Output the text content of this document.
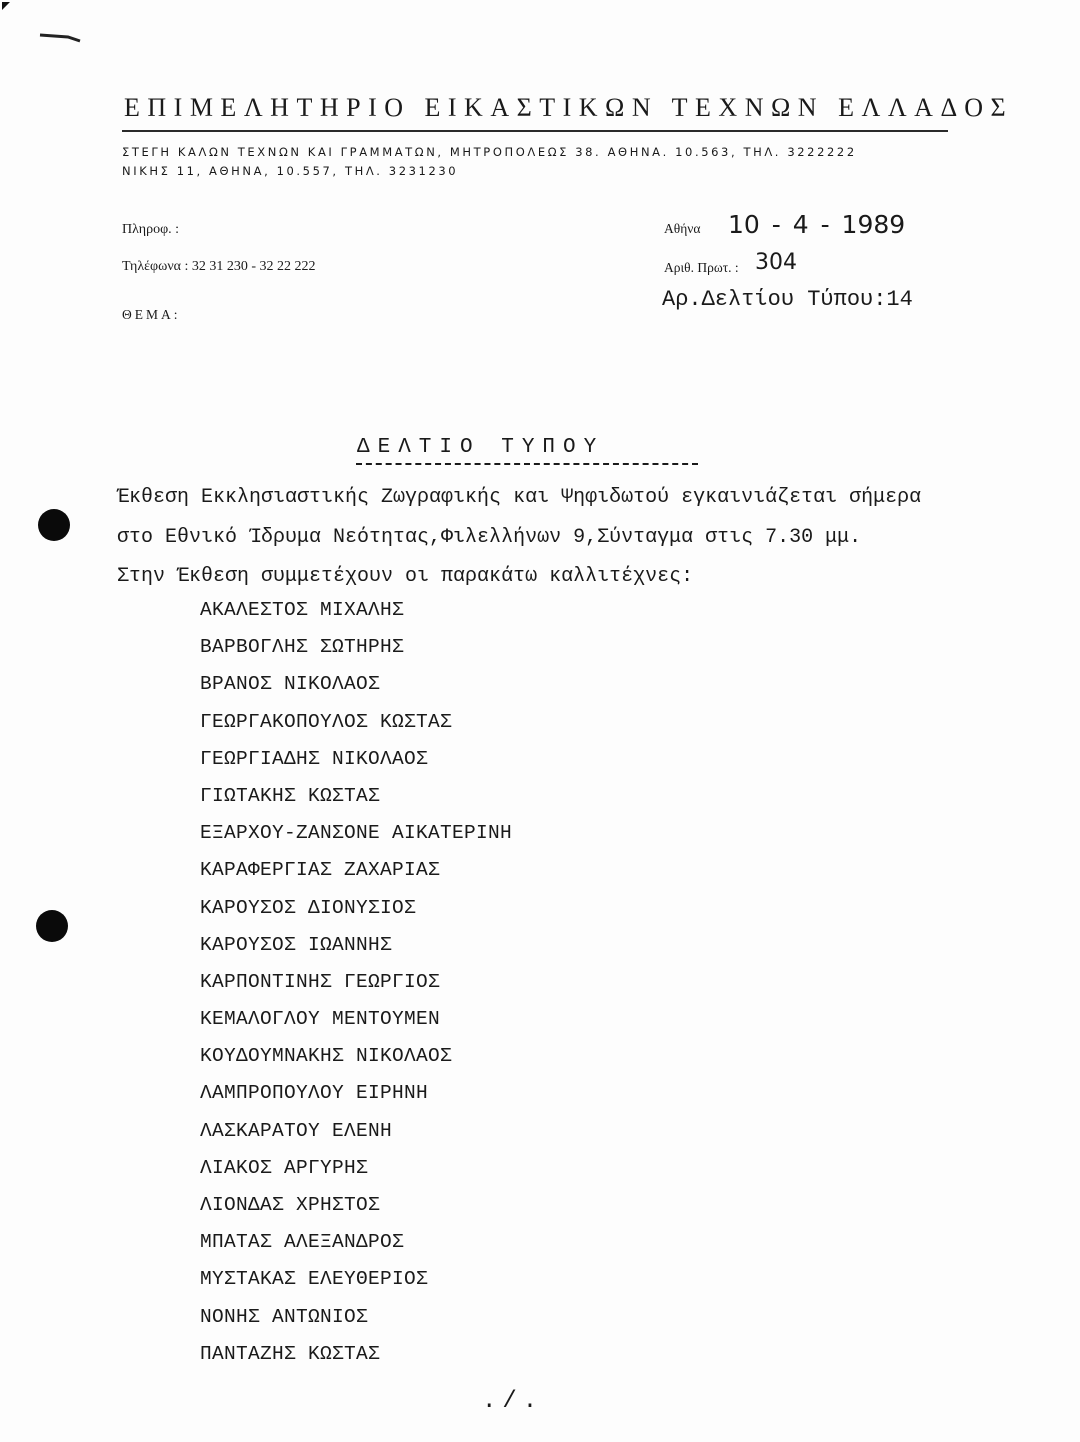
ΕΠΙΜΕΛΗΤΗΡΙΟ ΕΙΚΑΣΤΙΚΩΝ ΤΕΧΝΩΝ ΕΛΛΑΔΟΣ
ΣΤΕΓΗ ΚΑΛΩΝ ΤΕΧΝΩΝ ΚΑΙ ΓΡΑΜΜΑΤΩΝ, ΜΗΤΡΟΠΟΛΕΩΣ 38. ΑΘΗΝΑ. 10.563, ΤΗΛ. 3222222
ΝΙΚΗΣ 11, ΑΘΗΝΑ, 10.557, ΤΗΛ. 3231230
Πληροφ. :
Τηλέφωνα : 32 31 230 - 32 22 222
ΘΕΜΑ:
Αθήνα 10 - 4 - 1989
Αριθ. Πρωτ. : 304
Αρ.Δελτίου Τύπου:14
ΔΕΛΤΙΟ ΤΥΠΟΥ
Έκθεση Εκκλησιαστικής Ζωγραφικής και Ψηφιδωτού εγκαινιάζεται σήμερα
στο Εθνικό Ίδρυμα Νεότητας,Φιλελλήνων 9,Σύνταγμα στις 7.30 μμ.
Στην Έκθεση συμμετέχουν οι παρακάτω καλλιτέχνες:
ΑΚΑΛΕΣΤΟΣ ΜΙΧΑΛΗΣ
ΒΑΡΒΟΓΛΗΣ ΣΩΤΗΡΗΣ
ΒΡΑΝΟΣ ΝΙΚΟΛΑΟΣ
ΓΕΩΡΓΑΚΟΠΟΥΛΟΣ ΚΩΣΤΑΣ
ΓΕΩΡΓΙΑΔΗΣ ΝΙΚΟΛΑΟΣ
ΓΙΩΤΑΚΗΣ ΚΩΣΤΑΣ
ΕΞΑΡΧΟΥ-ΖΑΝΣΟΝΕ ΑΙΚΑΤΕΡΙΝΗ
ΚΑΡΑΦΕΡΓΙΑΣ ΖΑΧΑΡΙΑΣ
ΚΑΡΟΥΣΟΣ ΔΙΟΝΥΣΙΟΣ
ΚΑΡΟΥΣΟΣ ΙΩΑΝΝΗΣ
ΚΑΡΠΟΝΤΙΝΗΣ ΓΕΩΡΓΙΟΣ
ΚΕΜΑΛΟΓΛΟΥ ΜΕΝΤΟΥΜΕΝ
ΚΟΥΔΟΥΜΝΑΚΗΣ ΝΙΚΟΛΑΟΣ
ΛΑΜΠΡΟΠΟΥΛΟΥ ΕΙΡΗΝΗ
ΛΑΣΚΑΡΑΤΟΥ ΕΛΕΝΗ
ΛΙΑΚΟΣ ΑΡΓΥΡΗΣ
ΛΙΟΝΔΑΣ ΧΡΗΣΤΟΣ
ΜΠΑΤΑΣ ΑΛΕΞΑΝΔΡΟΣ
ΜΥΣΤΑΚΑΣ ΕΛΕΥΘΕΡΙΟΣ
ΝΟΝΗΣ ΑΝΤΩΝΙΟΣ
ΠΑΝΤΑΖΗΣ ΚΩΣΤΑΣ
./.
